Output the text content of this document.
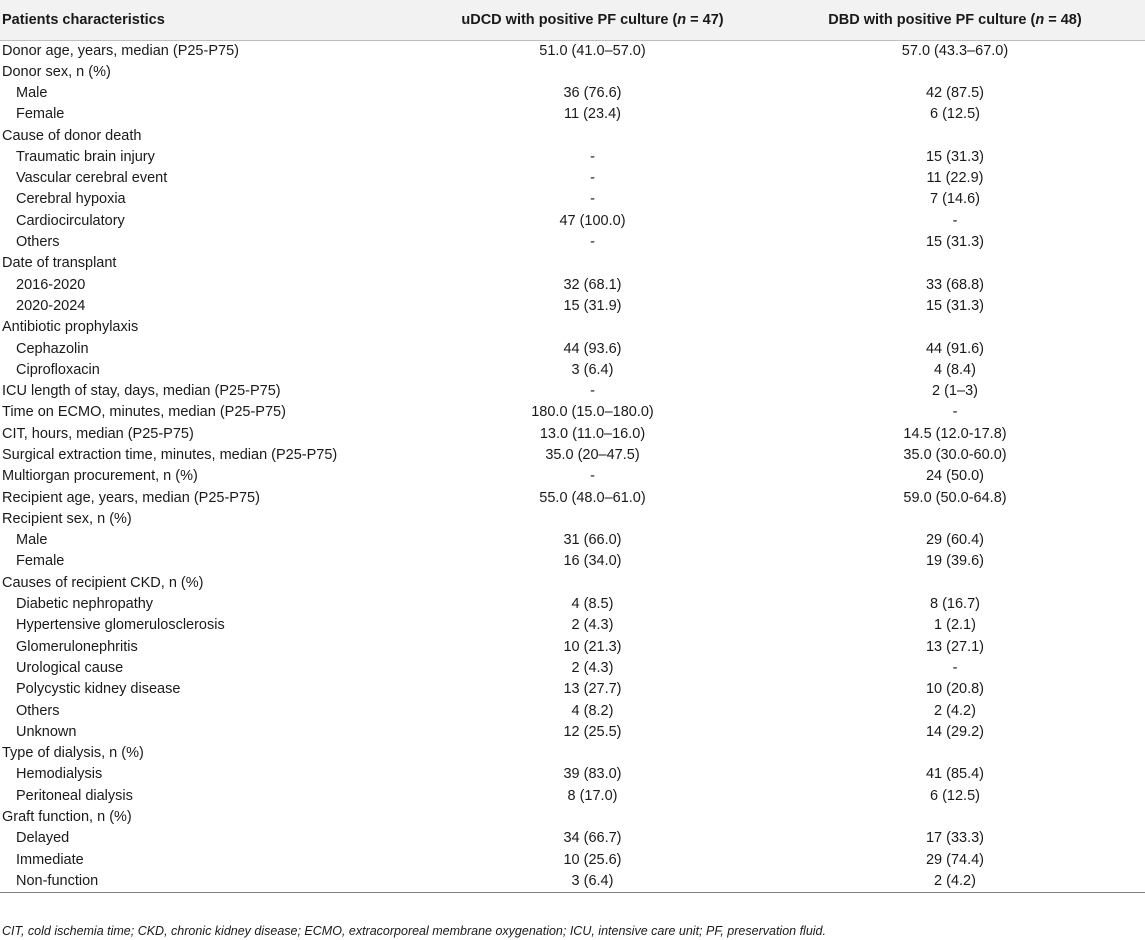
Patients characteristics	uDCD with positive PF culture (n = 47)	DBD with positive PF culture (n = 48)
Donor age, years, median (P25-P75)	51.0 (41.0–57.0)	57.0 (43.3–67.0)
Donor sex, n (%)		
Male	36 (76.6)	42 (87.5)
Female	11 (23.4)	6 (12.5)
Cause of donor death		
Traumatic brain injury	-	15 (31.3)
Vascular cerebral event	-	11 (22.9)
Cerebral hypoxia	-	7 (14.6)
Cardiocirculatory	47 (100.0)	-
Others	-	15 (31.3)
Date of transplant		
2016-2020	32 (68.1)	33 (68.8)
2020-2024	15 (31.9)	15 (31.3)
Antibiotic prophylaxis		
Cephazolin	44 (93.6)	44 (91.6)
Ciprofloxacin	3 (6.4)	4 (8.4)
ICU length of stay, days, median (P25-P75)	-	2 (1–3)
Time on ECMO, minutes, median (P25-P75)	180.0 (15.0–180.0)	-
CIT, hours, median (P25-P75)	13.0 (11.0–16.0)	14.5 (12.0-17.8)
Surgical extraction time, minutes, median (P25-P75)	35.0 (20–47.5)	35.0 (30.0-60.0)
Multiorgan procurement, n (%)	-	24 (50.0)
Recipient age, years, median (P25-P75)	55.0 (48.0–61.0)	59.0 (50.0-64.8)
Recipient sex, n (%)		
Male	31 (66.0)	29 (60.4)
Female	16 (34.0)	19 (39.6)
Causes of recipient CKD, n (%)		
Diabetic nephropathy	4 (8.5)	8 (16.7)
Hypertensive glomerulosclerosis	2 (4.3)	1 (2.1)
Glomerulonephritis	10 (21.3)	13 (27.1)
Urological cause	2 (4.3)	-
Polycystic kidney disease	13 (27.7)	10 (20.8)
Others	4 (8.2)	2 (4.2)
Unknown	12 (25.5)	14 (29.2)
Type of dialysis, n (%)		
Hemodialysis	39 (83.0)	41 (85.4)
Peritoneal dialysis	8 (17.0)	6 (12.5)
Graft function, n (%)		
Delayed	34 (66.7)	17 (33.3)
Immediate	10 (25.6)	29 (74.4)
Non-function	3 (6.4)	2 (4.2)
CIT, cold ischemia time; CKD, chronic kidney disease; ECMO, extracorporeal membrane oxygenation; ICU, intensive care unit; PF, preservation fluid.
